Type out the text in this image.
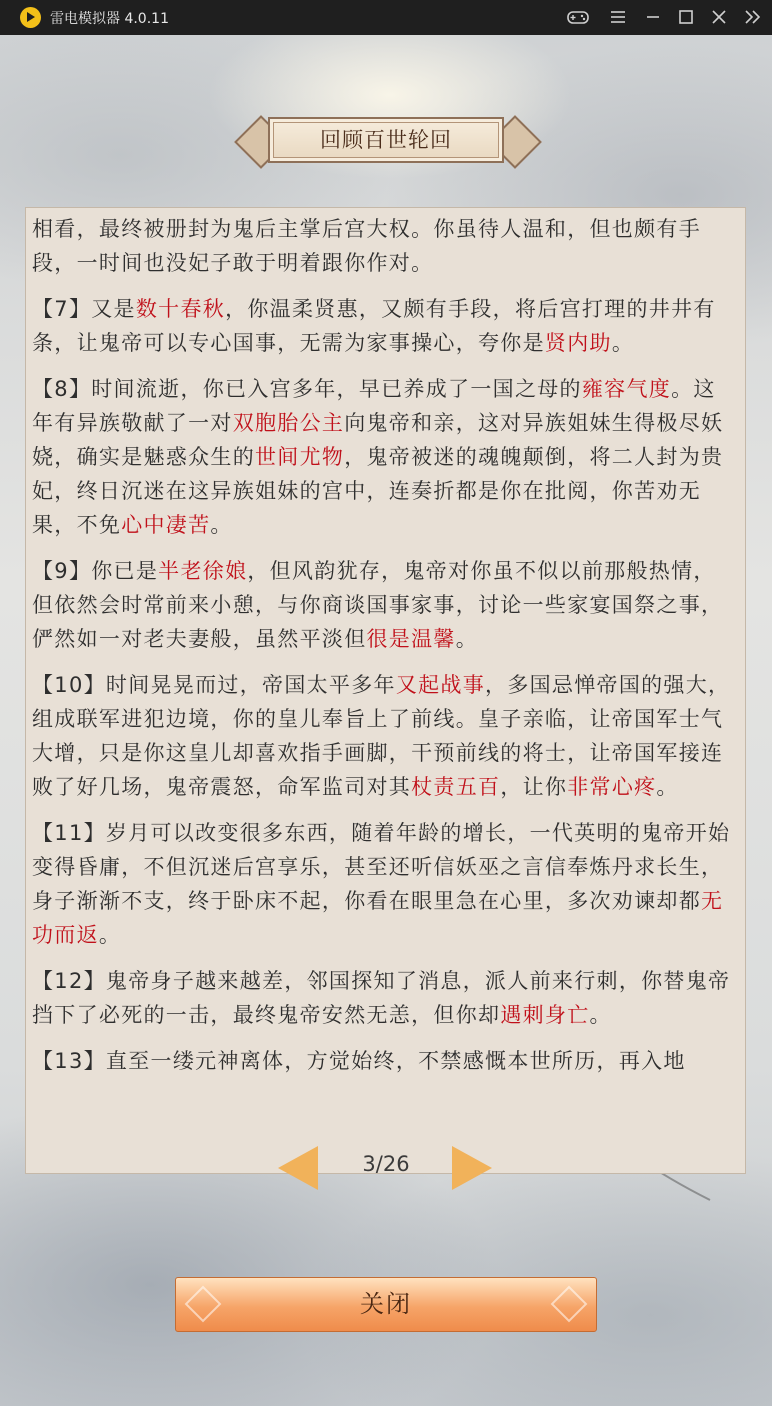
雷电模拟器 4.0.11
回顾百世轮回
相看，最终被册封为鬼后主掌后宫大权。你虽待人温和，但也颇有手段，一时间也没妃子敢于明着跟你作对。
【7】又是数十春秋，你温柔贤惠，又颇有手段，将后宫打理的井井有条，让鬼帝可以专心国事，无需为家事操心，夸你是贤内助。
【8】时间流逝，你已入宫多年，早已养成了一国之母的雍容气度。这年有异族敬献了一对双胞胎公主向鬼帝和亲，这对异族姐妹生得极尽妖娆，确实是魅惑众生的世间尤物，鬼帝被迷的魂魄颠倒，将二人封为贵妃，终日沉迷在这异族姐妹的宫中，连奏折都是你在批阅，你苦劝无果，不免心中凄苦。
【9】你已是半老徐娘，但风韵犹存，鬼帝对你虽不似以前那般热情，但依然会时常前来小憩，与你商谈国事家事，讨论一些家宴国祭之事，俨然如一对老夫妻般，虽然平淡但很是温馨。
【10】时间晃晃而过，帝国太平多年又起战事，多国忌惮帝国的强大，组成联军进犯边境，你的皇儿奉旨上了前线。皇子亲临，让帝国军士气大增，只是你这皇儿却喜欢指手画脚，干预前线的将士，让帝国军接连败了好几场，鬼帝震怒，命军监司对其杖责五百，让你非常心疼。
【11】岁月可以改变很多东西，随着年龄的增长，一代英明的鬼帝开始变得昏庸，不但沉迷后宫享乐，甚至还听信妖巫之言信奉炼丹求长生，身子渐渐不支，终于卧床不起，你看在眼里急在心里，多次劝谏却都无功而返。
【12】鬼帝身子越来越差，邻国探知了消息，派人前来行刺，你替鬼帝挡下了必死的一击，最终鬼帝安然无恙，但你却遇刺身亡。
【13】直至一缕元神离体，方觉始终，不禁感慨本世所历，再入地
3/26
关闭
